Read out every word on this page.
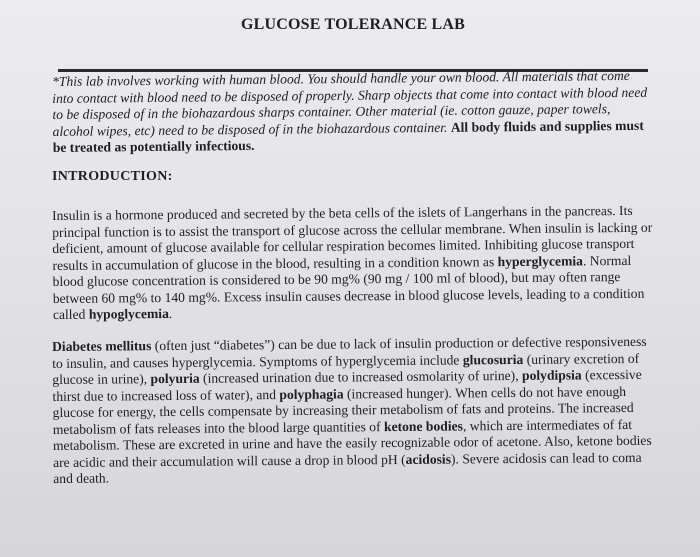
GLUCOSE TOLERANCE LAB

*This lab involves working with human blood. You should handle your own blood. All materials that come into contact with blood need to be disposed of properly. Sharp objects that come into contact with blood need to be disposed of in the biohazardous sharps container. Other material (ie. cotton gauze, paper towels, alcohol wipes, etc) need to be disposed of in the biohazardous container. All body fluids and supplies must be treated as potentially infectious.

INTRODUCTION:

Insulin is a hormone produced and secreted by the beta cells of the islets of Langerhans in the pancreas. Its principal function is to assist the transport of glucose across the cellular membrane. When insulin is lacking or deficient, amount of glucose available for cellular respiration becomes limited. Inhibiting glucose transport results in accumulation of glucose in the blood, resulting in a condition known as hyperglycemia. Normal blood glucose concentration is considered to be 90 mg% (90 mg / 100 ml of blood), but may often range between 60 mg% to 140 mg%. Excess insulin causes decrease in blood glucose levels, leading to a condition called hypoglycemia.

Diabetes mellitus (often just “diabetes”) can be due to lack of insulin production or defective responsiveness to insulin, and causes hyperglycemia. Symptoms of hyperglycemia include glucosuria (urinary excretion of glucose in urine), polyuria (increased urination due to increased osmolarity of urine), polydipsia (excessive thirst due to increased loss of water), and polyphagia (increased hunger). When cells do not have enough glucose for energy, the cells compensate by increasing their metabolism of fats and proteins. The increased metabolism of fats releases into the blood large quantities of ketone bodies, which are intermediates of fat metabolism. These are excreted in urine and have the easily recognizable odor of acetone. Also, ketone bodies are acidic and their accumulation will cause a drop in blood pH (acidosis). Severe acidosis can lead to coma and death.
